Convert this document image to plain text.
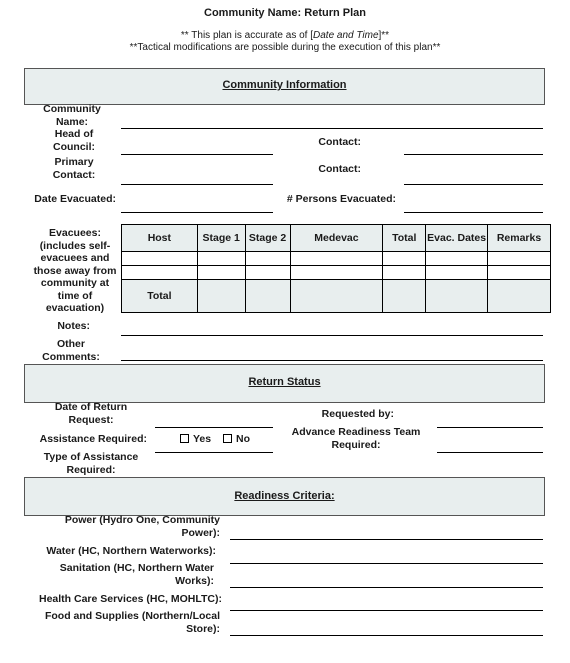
Community Name: Return Plan
** This plan is accurate as of [Date and Time]**
**Tactical modifications are possible during the execution of this plan**
Community Information
Community Name:
Head of Council:	Contact:
Primary Contact:	Contact:
Date Evacuated:	# Persons Evacuated:
Evacuees: (includes self-evacuees and those away from community at time of evacuation)
Host	Stage 1	Stage 2	Medevac	Total	Evac. Dates	Remarks

Total						
Notes:
Other Comments:
Return Status
Date of Return Request:	Requested by:
Assistance Required:	Yes No
Advance Readiness Team Required:
Type of Assistance Required:
Readiness Criteria:
Power (Hydro One, Community Power):
Water (HC, Northern Waterworks):
Sanitation (HC, Northern Water Works):
Health Care Services (HC, MOHLTC):
Food and Supplies (Northern/Local Store):
